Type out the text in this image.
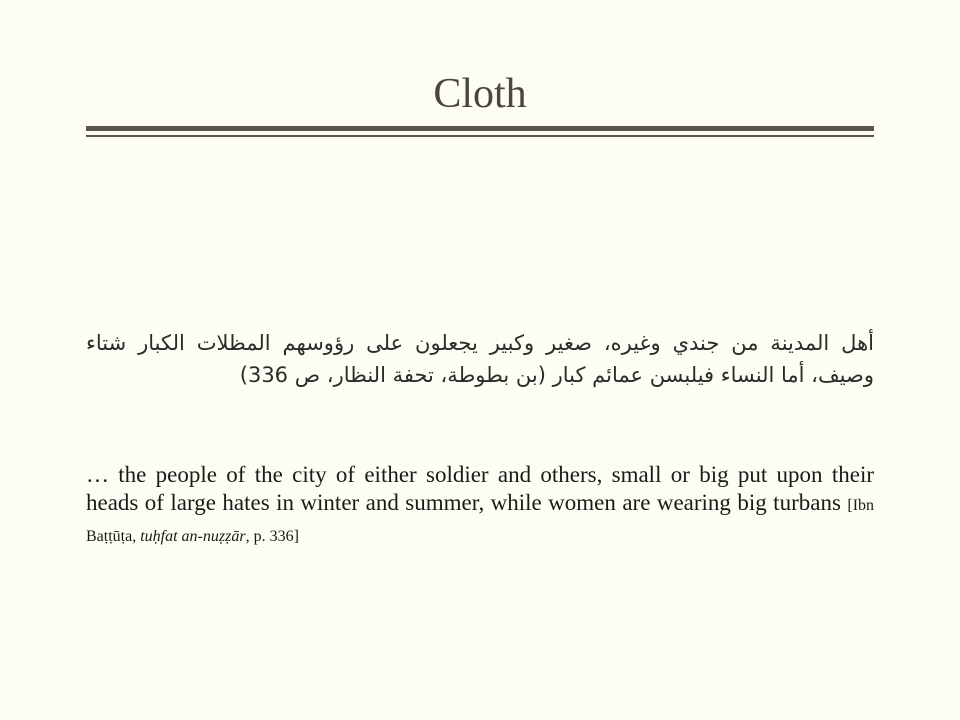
Cloth

أهل المدينة من جندي وغيره، صغير وكبير يجعلون على رؤوسهم المظلات الكبار شتاء وصيف، أما النساء فيلبسن عمائم كبار (بن بطوطة، تحفة النظار، ص 336)

… the people of the city of either soldier and others, small or big put upon their heads of large hates in winter and summer, while women are wearing big turbans [Ibn Baṭṭūṭa, tuḥfat an-nuẓẓār, p. 336]
